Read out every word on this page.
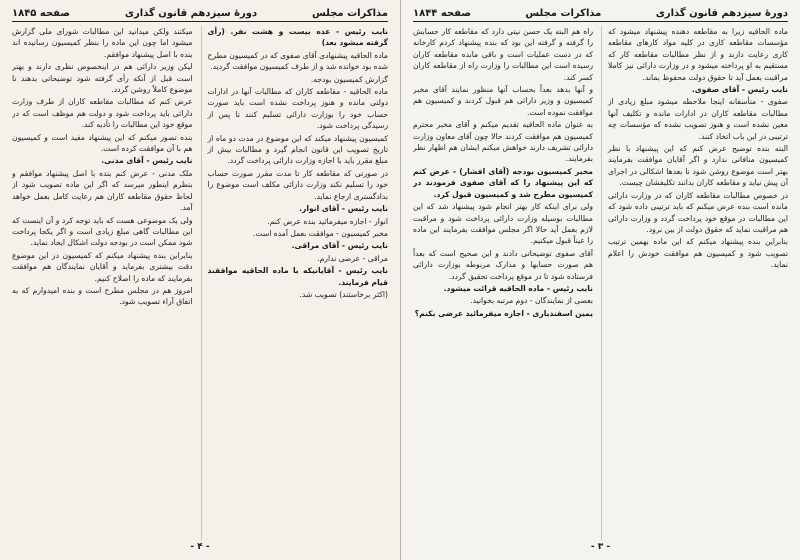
دورهٔ سیزدهم قانون گذاری
مذاکرات مجلس
صفحه ۱۸۴۴

ماده الحاقیه زیرا به مقاطعه دهنده پیشنهاد میشود که مؤسسات مقاطعه کاری در کلیه مواد کارهای مقاطعه کاری رعایت دارند و از نظر مطالبات مقاطعه کار که مستقیم به او پرداخته میشود و در وزارت دارائی نیز کاملا مراقبت بعمل آید تا حقوق دولت محفوظ بماند.

نایب رئیس - آقای صفوی.

صفوی - متأسفانه اینجا ملاحظه میشود مبلغ زیادی از مطالبات مقاطعه کاران در ادارات مانده و تکلیف آنها معین نشده است و هنوز تصویب نشده که مؤسسات چه ترتیبی در این باب اتخاذ کنند.

البته بنده توضیح عرض کنم که این پیشنهاد با نظر کمیسیون منافاتی ندارد و اگر آقایان موافقت بفرمایند بهتر است موضوع روشن شود تا بعدها اشکالی در اجرای آن پیش نیاید و مقاطعه کاران بدانند تکلیفشان چیست.

در خصوص مطالبات مقاطعه کاران که در وزارت دارائی مانده است بنده عرض میکنم که باید ترتیبی داده شود که این مطالبات در موقع خود پرداخت گردد و وزارت دارائی هم مراقبت نماید که حقوق دولت از بین نرود.

بنابراین بنده پیشنهاد میکنم که این ماده بهمین ترتیب تصویب شود و کمیسیون هم موافقت خودش را اعلام نماید.

راه هم البته یک حسن نیتی دارد که مقاطعه کار حسابش را گرفته و گرفته این بود که بنده پیشنهاد کردم کارخانه که در دست عملیات است و باقی مانده مقاطعه کاران رسیده است این مطالبات را وزارت راه از مقاطعه کاران کسر کند.

و آنها بدهد بعداً بحساب آنها منظور نمایند آقای مخبر کمیسیون و وزیر دارائی هم قبول کردند و کمیسیون هم موافقت نموده است.

به عنوان ماده الحاقیه تقدیم میکنم و آقای مخبر محترم کمیسیون هم موافقت کردند حالا چون آقای معاون وزارت دارائی تشریف دارند خواهش میکنم ایشان هم اظهار نظر بفرمایند.

مخبر کمیسیون بودجه (آقای افشار) - عرض کنم که این پیشنهاد را که آقای صفوی فرمودند در کمیسیون مطرح شد و کمیسیون قبول کرد.

ولی برای اینکه کار بهتر انجام شود پیشنهاد شد که این مطالبات بوسیله وزارت دارائی پرداخت شود و مراقبت لازم بعمل آید حالا اگر مجلس موافقت بفرمایند این ماده را عیناً قبول میکنیم.

آقای صفوی توضیحاتی دادند و این صحیح است که بعداً هم صورت حسابها و مدارک مربوطه بوزارت دارائی فرستاده شود تا در موقع پرداخت تحقیق گردد.

نایب رئیس - ماده الحاقیه قرائت میشود.

بعضی از نمایندگان - دوم مرتبه بخوانید.

یمین اسفندیاری - اجازه میفرمائید عرضی بکنم؟

- ۳ -
مذاکرات مجلس
دورهٔ سیزدهم قانون گذاری
صفحه ۱۸۴۵

نایب رئیس - عده بیست و هشت نفر. (رأی گرفته میشود بعد)

ماده الحاقیه پیشنهادی آقای صفوی که در کمیسیون مطرح شده بود خوانده شد و از طرف کمیسیون موافقت گردید.

گزارش کمیسیون بودجه.

ماده الحاقیه - مقاطعه کاران که مطالبات آنها در ادارات دولتی مانده و هنوز پرداخت نشده است باید صورت حساب خود را بوزارت دارائی تسلیم کنند تا پس از رسیدگی پرداخت شود.

کمیسیون پیشنهاد میکند که این موضوع در مدت دو ماه از تاریخ تصویب این قانون انجام گیرد و مطالبات بیش از مبلغ مقرر باید با اجازه وزارت دارائی پرداخت گردد.

در صورتی که مقاطعه کار تا مدت مقرر صورت حساب خود را تسلیم نکند وزارت دارائی مکلف است موضوع را بدادگستری ارجاع نماید.

نایب رئیس - آقای انوار.

انوار - اجازه میفرمائید بنده عرض کنم.

مخبر کمیسیون - موافقت بعمل آمده است.

نایب رئیس - آقای مراقی.

مراقی - عرضی ندارم.

نایب رئیس - آقایانیکه با ماده الحاقیه موافقند قیام فرمایند.

(اکثر برخاستند) تصویب شد.

میکنند ولکن میدانید این مطالبات شورای ملی گزارش میشود اما چون این ماده را بنظر کمیسیون رسانیده اند بنده با اصل پیشنهاد موافقم.

لیکن وزیر دارائی هم در اینخصوص نظری دارند و بهتر است قبل از آنکه رأی گرفته شود توضیحاتی بدهند تا موضوع کاملاً روشن گردد.

عرض کنم که مطالبات مقاطعه کاران از طرف وزارت دارائی باید پرداخت شود و دولت هم موظف است که در موقع خود این مطالبات را تأدیه کند.

بنده تصور میکنم که این پیشنهاد مفید است و کمیسیون هم با آن موافقت کرده است.

نایب رئیس - آقای مدنی.

ملک مدنی - عرض کنم بنده با اصل پیشنهاد موافقم و بنظرم اینطور میرسد که اگر این ماده تصویب شود از لحاظ حقوق مقاطعه کاران هم رعایت کامل بعمل خواهد آمد.

ولی یک موضوعی هست که باید توجه کرد و آن اینست که این مطالبات گاهی مبلغ زیادی است و اگر یکجا پرداخت شود ممکن است در بودجه دولت اشکال ایجاد نماید.

بنابراین بنده پیشنهاد میکنم که کمیسیون در این موضوع دقت بیشتری بفرماید و آقایان نمایندگان هم موافقت بفرمایند که ماده را اصلاح کنیم.

امروز هم در مجلس مطرح است و بنده امیدوارم که به اتفاق آراء تصویب شود.

- ۴ -
